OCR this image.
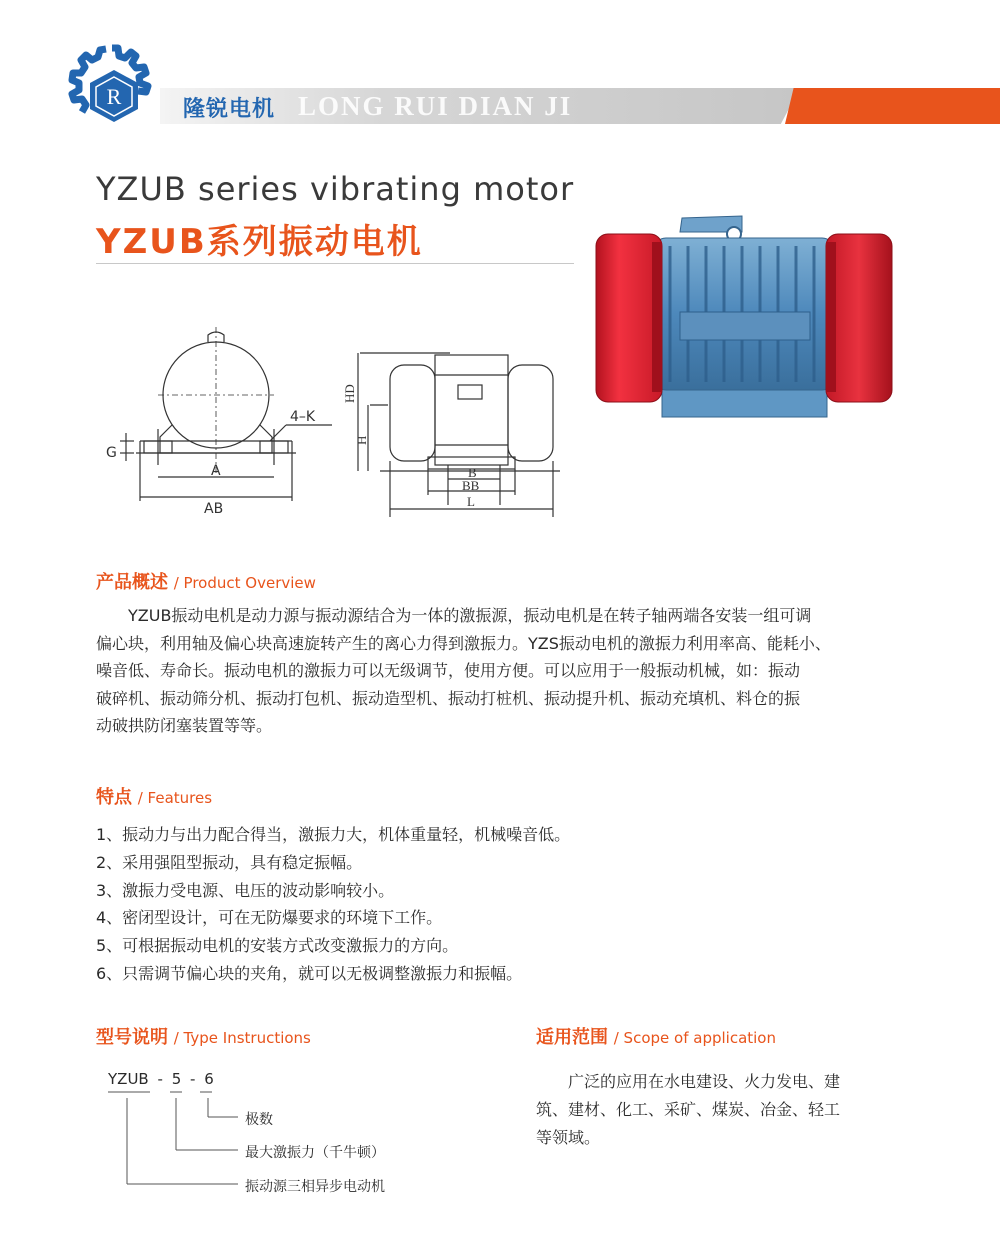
R
隆锐电机 LONG RUI DIAN JI
YZUB series vibrating motor
YZUB系列振动电机
G
4–K
A
AB
HD
H
B
BB
L
产品概述 / Product Overview
YZUB振动电机是动力源与振动源结合为一体的激振源，振动电机是在转子轴两端各安装一组可调
偏心块，利用轴及偏心块高速旋转产生的离心力得到激振力。YZS振动电机的激振力利用率高、能耗小、
噪音低、寿命长。振动电机的激振力可以无级调节，使用方便。可以应用于一般振动机械，如：振动
破碎机、振动筛分机、振动打包机、振动造型机、振动打桩机、振动提升机、振动充填机、料仓的振
动破拱防闭塞装置等等。
特点 / Features
1、振动力与出力配合得当，激振力大，机体重量轻，机械噪音低。
2、采用强阻型振动，具有稳定振幅。
3、激振力受电源、电压的波动影响较小。
4、密闭型设计，可在无防爆要求的环境下工作。
5、可根据振动电机的安装方式改变激振力的方向。
6、只需调节偏心块的夹角，就可以无极调整激振力和振幅。
型号说明 / Type Instructions
YZUB - 5 - 6
极数
最大激振力（千牛顿）
振动源三相异步电动机
适用范围 / Scope of application
广泛的应用在水电建设、火力发电、建
筑、建材、化工、采矿、煤炭、冶金、轻工
等领域。
